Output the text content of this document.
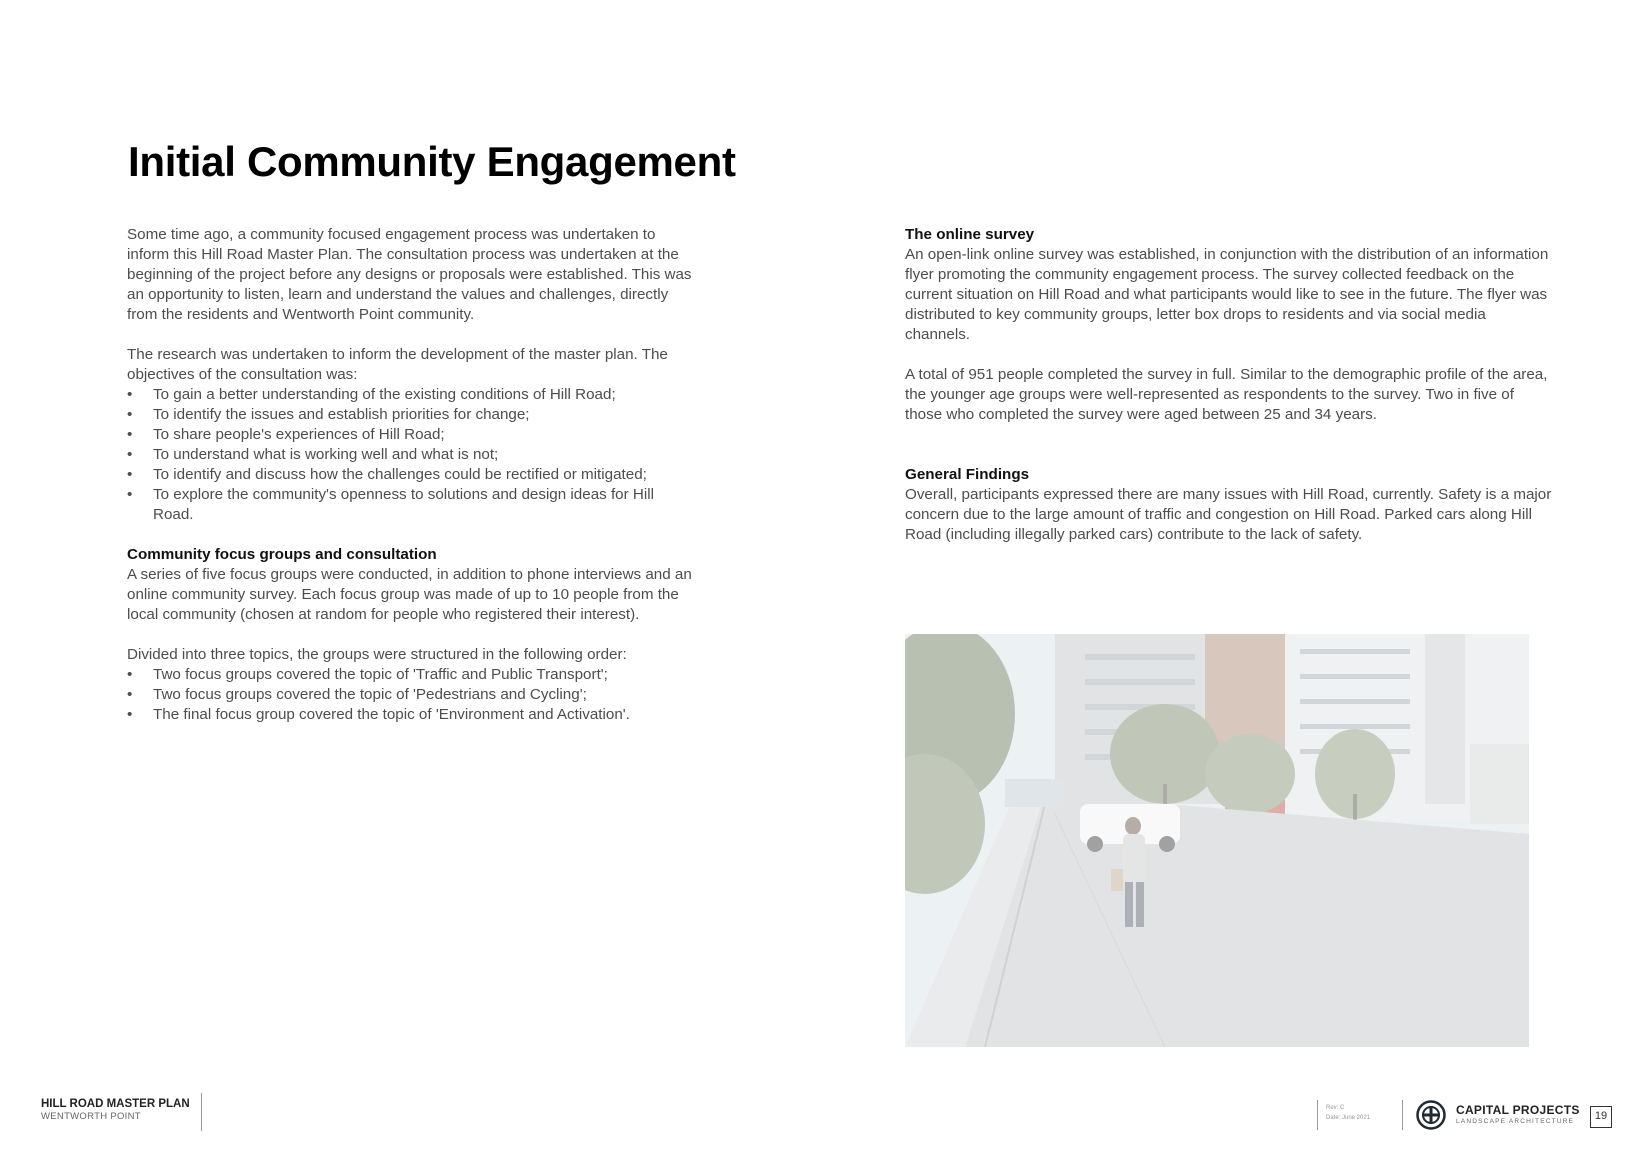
Initial Community Engagement

Some time ago, a community focused engagement process was undertaken to inform this Hill Road Master Plan. The consultation process was undertaken at the beginning of the project before any designs or proposals were established. This was an opportunity to listen, learn and understand the values and challenges, directly from the residents and Wentworth Point community.

The research was undertaken to inform the development of the master plan. The objectives of the consultation was:

• To gain a better understanding of the existing conditions of Hill Road;
• To identify the issues and establish priorities for change;
• To share people's experiences of Hill Road;
• To understand what is working well and what is not;
• To identify and discuss how the challenges could be rectified or mitigated;
• To explore the community's openness to solutions and design ideas for Hill Road.
Community focus groups and consultation

A series of five focus groups were conducted, in addition to phone interviews and an online community survey. Each focus group was made of up to 10 people from the local community (chosen at random for people who registered their interest).

Divided into three topics, the groups were structured in the following order:

• Two focus groups covered the topic of 'Traffic and Public Transport';
• Two focus groups covered the topic of 'Pedestrians and Cycling';
• The final focus group covered the topic of 'Environment and Activation'.
The online survey

An open-link online survey was established, in conjunction with the distribution of an information flyer promoting the community engagement process. The survey collected feedback on the current situation on Hill Road and what participants would like to see in the future. The flyer was distributed to key community groups, letter box drops to residents and via social media channels.

A total of 951 people completed the survey in full. Similar to the demographic profile of the area, the younger age groups were well-represented as respondents to the survey. Two in five of those who completed the survey were aged between 25 and 34 years.

General Findings

Overall, participants expressed there are many issues with Hill Road, currently. Safety is a major concern due to the large amount of traffic and congestion on Hill Road. Parked cars along Hill Road (including illegally parked cars) contribute to the lack of safety.

HILL ROAD MASTER PLAN
WENTWORTH POINT
Rev: C
Date: June 2021
CAPITAL PROJECTS
LANDSCAPE ARCHITECTURE	19
